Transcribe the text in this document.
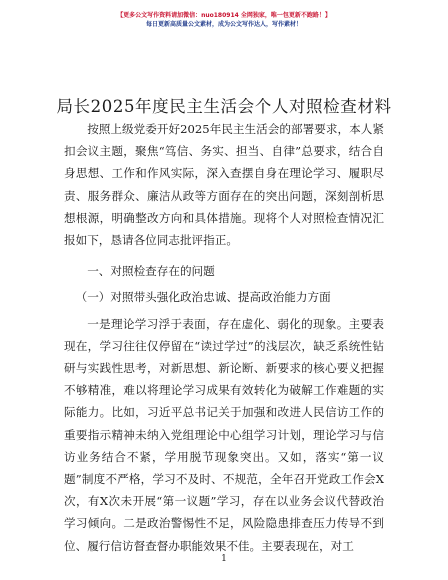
【更多公文写作资料请加微信：nuo180914 全网独家，唯一包更新不跑路！】
每日更新高质量公文素材，成为公文写作达人，写作素材！
局长2025年度民主生活会个人对照检查材料

按照上级党委开好2025年民主生活会的部署要求，本人紧扣会议主题，聚焦“笃信、务实、担当、自律”总要求，结合自身思想、工作和作风实际，深入查摆自身在理论学习、履职尽责、服务群众、廉洁从政等方面存在的突出问题，深刻剖析思想根源，明确整改方向和具体措施。现将个人对照检查情况汇报如下，恳请各位同志批评指正。

一、对照检查存在的问题

（一）对照带头强化政治忠诚、提高政治能力方面

一是理论学习浮于表面，存在虚化、弱化的现象。主要表现在，学习往往仅停留在“读过学过”的浅层次，缺乏系统性钻研与实践性思考，对新思想、新论断、新要求的核心要义把握不够精准，难以将理论学习成果有效转化为破解工作难题的实际能力。比如，习近平总书记关于加强和改进人民信访工作的重要指示精神未纳入党组理论中心组学习计划，理论学习与信访业务结合不紧，学用脱节现象突出。又如，落实“第一议题”制度不严格，学习不及时、不规范，全年召开党政工作会X次，有X次未开展“第一议题”学习，存在以业务会议代替政治学习倾向。二是政治警惕性不足，风险隐患排查压力传导不到位、履行信访督查督办职能效果不佳。主要表现在，对工

1
